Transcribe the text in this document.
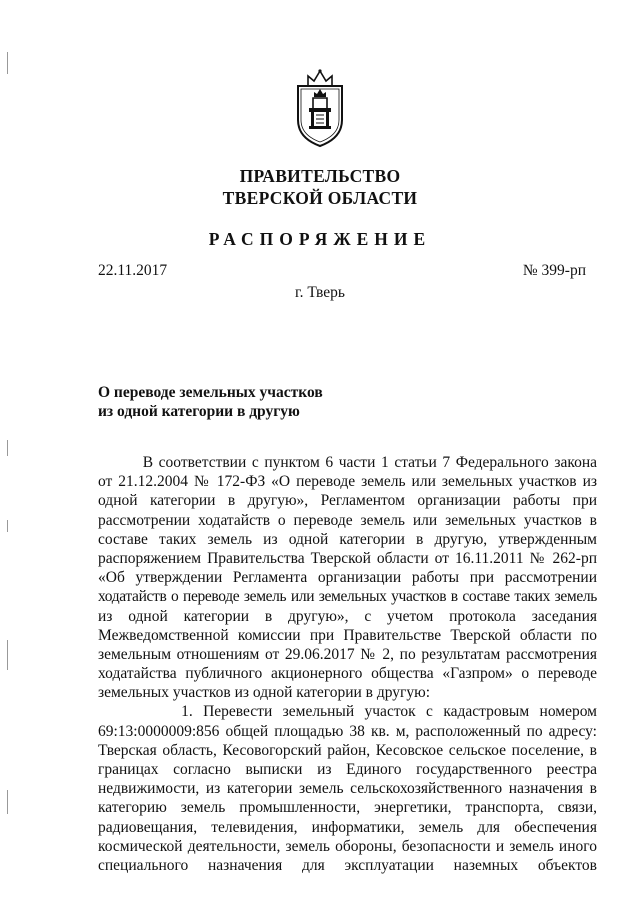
ПРАВИТЕЛЬСТВО
ТВЕРСКОЙ ОБЛАСТИ
РАСПОРЯЖЕНИЕ
22.11.2017	№ 399-рп
г. Тверь
О переводе земельных участков
из одной категории в другую
В соответствии с пунктом 6 части 1 статьи 7 Федерального закона
от 21.12.2004 № 172-ФЗ «О переводе земель или земельных участков из
одной категории в другую», Регламентом организации работы при
рассмотрении ходатайств о переводе земель или земельных участков в
составе таких земель из одной категории в другую, утвержденным
распоряжением Правительства Тверской области от 16.11.2011 № 262-рп
«Об утверждении Регламента организации работы при рассмотрении
ходатайств о переводе земель или земельных участков в составе таких земель
из одной категории в другую», с учетом протокола заседания
Межведомственной комиссии при Правительстве Тверской области по
земельным отношениям от 29.06.2017 № 2, по результатам рассмотрения
ходатайства публичного акционерного общества «Газпром» о переводе
земельных участков из одной категории в другую:
1. Перевести земельный участок с кадастровым номером
69:13:0000009:856 общей площадью 38 кв. м, расположенный по адресу:
Тверская область, Кесовогорский район, Кесовское сельское поселение, в
границах согласно выписки из Единого государственного реестра
недвижимости, из категории земель сельскохозяйственного назначения в
категорию земель промышленности, энергетики, транспорта, связи,
радиовещания, телевидения, информатики, земель для обеспечения
космической деятельности, земель обороны, безопасности и земель иного
специального назначения для эксплуатации наземных объектов
